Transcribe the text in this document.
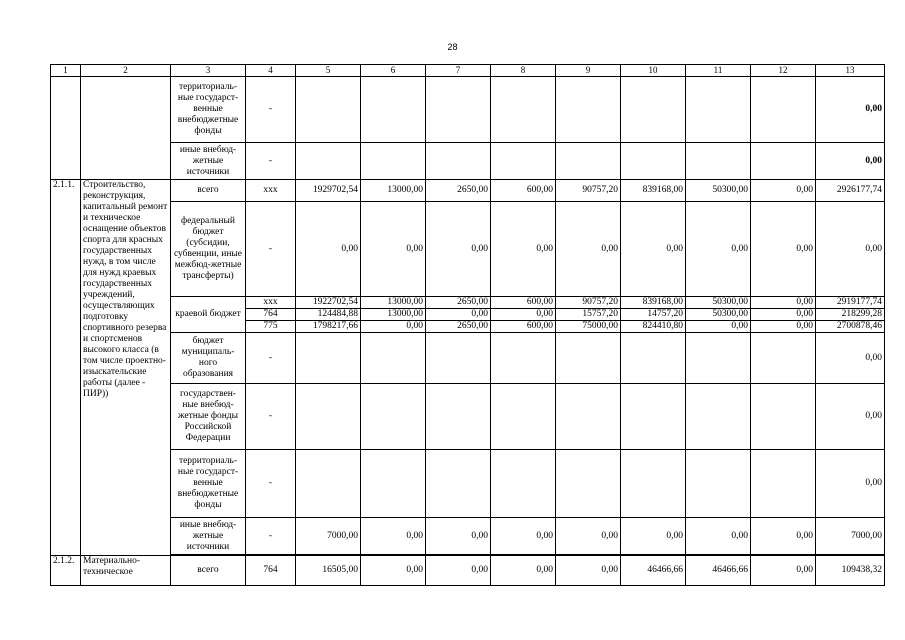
28
1	2	3	4	5	6	7	8	9	10	11	12	13
		территориаль-ные государст-венные внебюджетные фонды	-									0,00
		иные внебюд-жетные источники	-									0,00
2.1.1.	Строительство, реконструкция, капитальный ремонт и техническое оснащение объектов спорта для красных государственных нужд, в том числе для нужд краевых государственных учреждений, осуществляющих подготовку спортивного резерва и спортсменов высокого класса (в том числе проектно-изыскательские работы (далее - ПИР))	всего	ххх	1929702,54	13000,00	2650,00	600,00	90757,20	839168,00	50300,00	0,00	2926177,74
		федеральный бюджет (субсидии, субвенции, иные межбюд-жетные трансферты)	-	0,00	0,00	0,00	0,00	0,00	0,00	0,00	0,00	0,00
		краевой бюджет	ххх	1922702,54	13000,00	2650,00	600,00	90757,20	839168,00	50300,00	0,00	2919177,74
			764	124484,88	13000,00	0,00	0,00	15757,20	14757,20	50300,00	0,00	218299,28
			775	1798217,66	0,00	2650,00	600,00	75000,00	824410,80	0,00	0,00	2700878,46
		бюджет муниципаль-ного образования	-									0,00
		государствен-ные внебюд-жетные фонды Российской Федерации	-									0,00
		территориаль-ные государст-венные внебюджетные фонды	-									0,00
		иные внебюд-жетные источники	-	7000,00	0,00	0,00	0,00	0,00	0,00	0,00	0,00	7000,00

2.1.2.	Материально-техническое	всего	764	16505,00	0,00	0,00	0,00	0,00	46466,66	46466,66	0,00	109438,32
